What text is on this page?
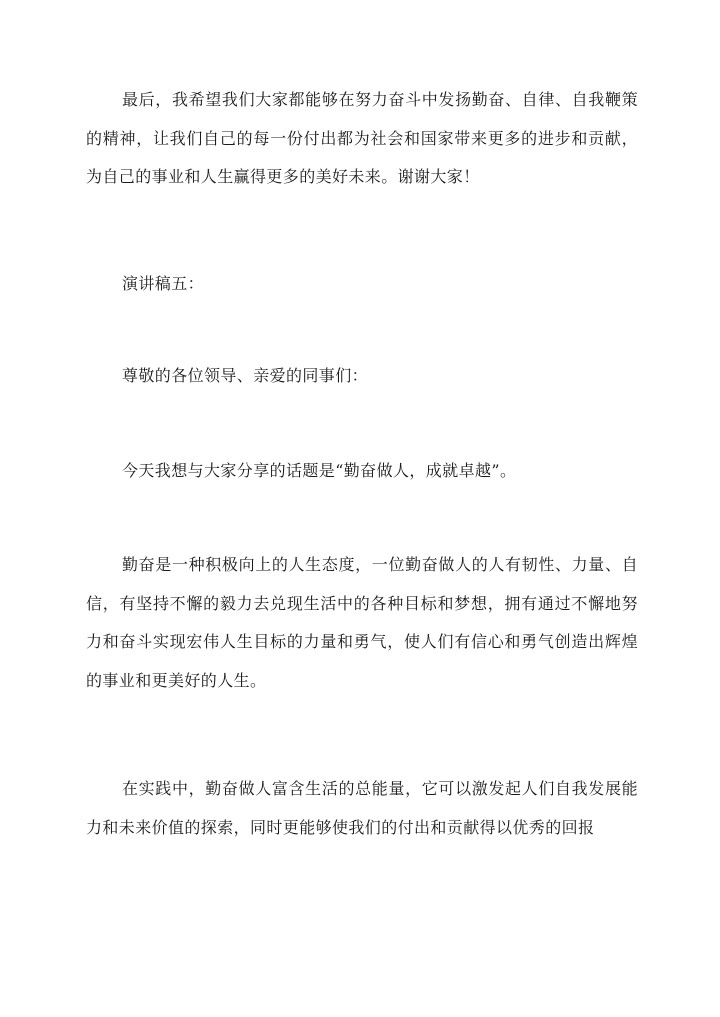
最后，我希望我们大家都能够在努力奋斗中发扬勤奋、自律、自我鞭策的精神，让我们自己的每一份付出都为社会和国家带来更多的进步和贡献，为自己的事业和人生赢得更多的美好未来。谢谢大家！

演讲稿五：

尊敬的各位领导、亲爱的同事们：

今天我想与大家分享的话题是“勤奋做人，成就卓越”。

勤奋是一种积极向上的人生态度，一位勤奋做人的人有韧性、力量、自信，有坚持不懈的毅力去兑现生活中的各种目标和梦想，拥有通过不懈地努力和奋斗实现宏伟人生目标的力量和勇气，使人们有信心和勇气创造出辉煌的事业和更美好的人生。

在实践中，勤奋做人富含生活的总能量，它可以激发起人们自我发展能力和未来价值的探索，同时更能够使我们的付出和贡献得以优秀的回报
